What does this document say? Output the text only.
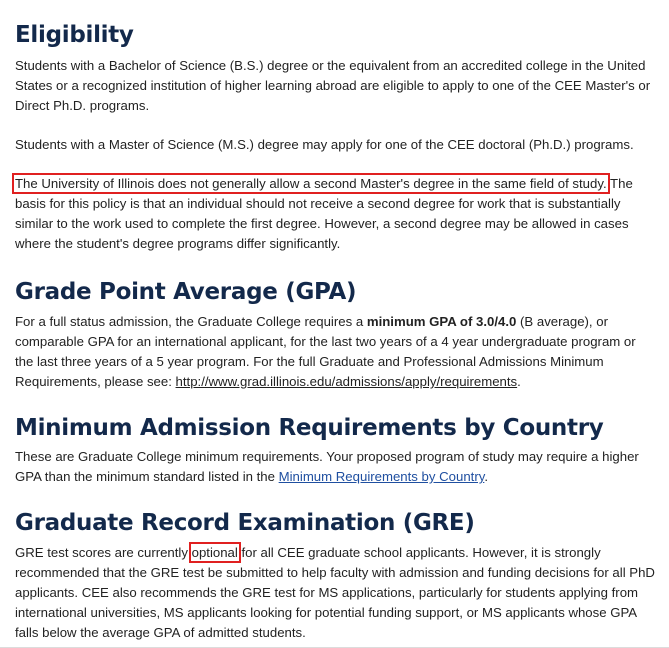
Eligibility

Students with a Bachelor of Science (B.S.) degree or the equivalent from an accredited college in the United States or a recognized institution of higher learning abroad are eligible to apply to one of the CEE Master's or Direct Ph.D. programs.

Students with a Master of Science (M.S.) degree may apply for one of the CEE doctoral (Ph.D.) programs.

The University of Illinois does not generally allow a second Master's degree in the same field of study. The basis for this policy is that an individual should not receive a second degree for work that is substantially similar to the work used to complete the first degree. However, a second degree may be allowed in cases where the student's degree programs differ significantly.

Grade Point Average (GPA)

For a full status admission, the Graduate College requires a minimum GPA of 3.0/4.0 (B average), or comparable GPA for an international applicant, for the last two years of a 4 year undergraduate program or the last three years of a 5 year program. For the full Graduate and Professional Admissions Minimum Requirements, please see: http://www.grad.illinois.edu/admissions/apply/requirements.

Minimum Admission Requirements by Country

These are Graduate College minimum requirements. Your proposed program of study may require a higher GPA than the minimum standard listed in the Minimum Requirements by Country.

Graduate Record Examination (GRE)

GRE test scores are currently optional for all CEE graduate school applicants. However, it is strongly recommended that the GRE test be submitted to help faculty with admission and funding decisions for all PhD applicants. CEE also recommends the GRE test for MS applications, particularly for students applying from international universities, MS applicants looking for potential funding support, or MS applicants whose GPA falls below the average GPA of admitted students.
